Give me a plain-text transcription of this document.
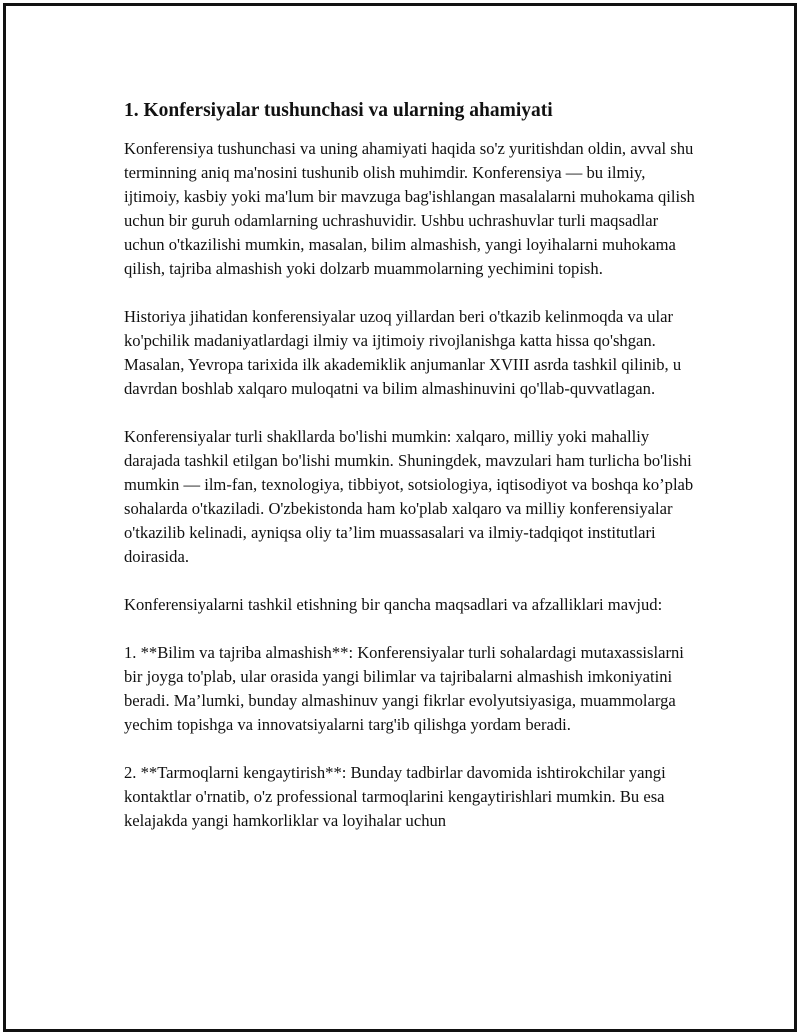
1. Konfersiyalar tushunchasi va ularning ahamiyati

Konferensiya tushunchasi va uning ahamiyati haqida so'z yuritishdan oldin, avval shu terminning aniq ma'nosini tushunib olish muhimdir. Konferensiya — bu ilmiy, ijtimoiy, kasbiy yoki ma'lum bir mavzuga bag'ishlangan masalalarni muhokama qilish uchun bir guruh odamlarning uchrashuvidir. Ushbu uchrashuvlar turli maqsadlar uchun o'tkazilishi mumkin, masalan, bilim almashish, yangi loyihalarni muhokama qilish, tajriba almashish yoki dolzarb muammolarning yechimini topish.

Historiya jihatidan konferensiyalar uzoq yillardan beri o'tkazib kelinmoqda va ular ko'pchilik madaniyatlardagi ilmiy va ijtimoiy rivojlanishga katta hissa qo'shgan. Masalan, Yevropa tarixida ilk akademiklik anjumanlar XVIII asrda tashkil qilinib, u davrdan boshlab xalqaro muloqatni va bilim almashinuvini qo'llab-quvvatlagan.

Konferensiyalar turli shakllarda bo'lishi mumkin: xalqaro, milliy yoki mahalliy darajada tashkil etilgan bo'lishi mumkin. Shuningdek, mavzulari ham turlicha bo'lishi mumkin — ilm-fan, texnologiya, tibbiyot, sotsiologiya, iqtisodiyot va boshqa ko’plab sohalarda o'tkaziladi. O'zbekistonda ham ko'plab xalqaro va milliy konferensiyalar o'tkazilib kelinadi, ayniqsa oliy ta’lim muassasalari va ilmiy-tadqiqot institutlari doirasida.

Konferensiyalarni tashkil etishning bir qancha maqsadlari va afzalliklari mavjud:

1. **Bilim va tajriba almashish**: Konferensiyalar turli sohalardagi mutaxassislarni bir joyga to'plab, ular orasida yangi bilimlar va tajribalarni almashish imkoniyatini beradi. Ma’lumki, bunday almashinuv yangi fikrlar evolyutsiyasiga, muammolarga yechim topishga va innovatsiyalarni targ'ib qilishga yordam beradi.

2. **Tarmoqlarni kengaytirish**: Bunday tadbirlar davomida ishtirokchilar yangi kontaktlar o'rnatib, o'z professional tarmoqlarini kengaytirishlari mumkin. Bu esa kelajakda yangi hamkorliklar va loyihalar uchun
